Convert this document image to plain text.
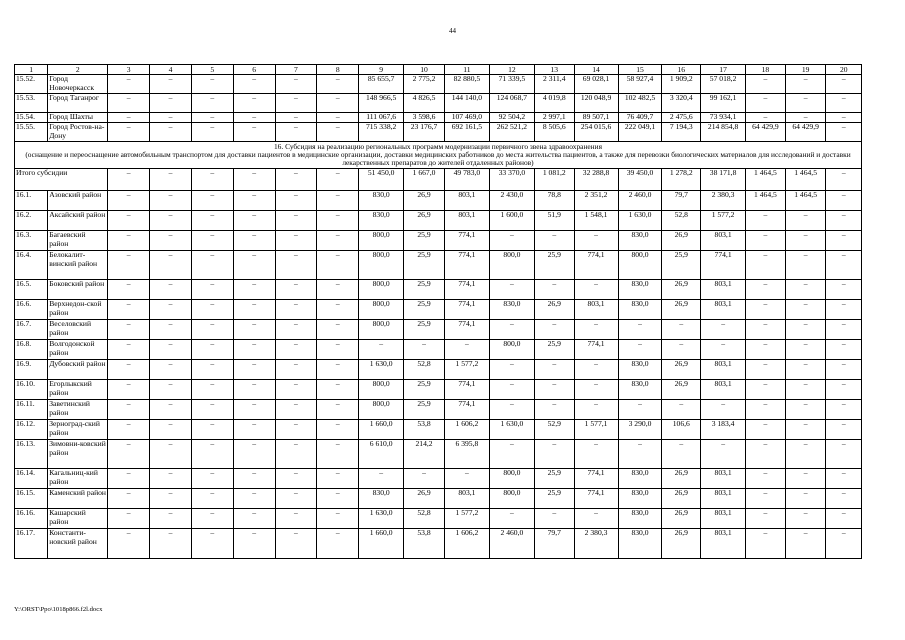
44
1	2	3	4	5	6	7	8	9	10	11	12	13	14	15	16	17	18	19	20
15.52.	Город Новочеркасск	–	–	–	–	–	–	85 655,7	2 775,2	82 880,5	71 339,5	2 311,4	69 028,1	58 927,4	1 909,2	57 018,2	–	–	–
15.53.	Город Таганрог	–	–	–	–	–	–	148 966,5	4 826,5	144 140,0	124 068,7	4 019,8	120 048,9	102 482,5	3 320,4	99 162,1	–	–	–
15.54.	Город Шахты	–	–	–	–	–	–	111 067,6	3 598,6	107 469,0	92 504,2	2 997,1	89 507,1	76 409,7	2 475,6	73 934,1	–	–	–
15.55.	Город Ростов-на-Дону	–	–	–	–	–	–	715 338,2	23 176,7	692 161,5	262 521,2	8 505,6	254 015,6	222 049,1	7 194,3	214 854,8	64 429,9	64 429,9	–

16. Субсидия на реализацию региональных программ модернизации первичного звена здравоохранения
(оснащение и переоснащение автомобильным транспортом для доставки пациентов в медицинские организации, доставки медицинских работников до места жительства пациентов, а также для перевозки биологических материалов для исследований и доставки лекарственных препаратов до жителей отдаленных районов)																			

Итого субсидии		–	–	–	–	–	–	51 450,0	1 667,0	49 783,0	33 370,0	1 081,2	32 288,8	39 450,0	1 278,2	38 171,8	1 464,5	1 464,5	–
16.1.	Азовский район	–	–	–	–	–	–	830,0	26,9	803,1	2 430,0	78,8	2 351,2	2 460,0	79,7	2 380,3	1 464,5	1 464,5	–
16.2.	Аксайский район	–	–	–	–	–	–	830,0	26,9	803,1	1 600,0	51,9	1 548,1	1 630,0	52,8	1 577,2	–	–	–
16.3.	Багаевский район	–	–	–	–	–	–	800,0	25,9	774,1	–	–	–	830,0	26,9	803,1	–	–	–
16.4.	Белокалит-винский район	–	–	–	–	–	–	800,0	25,9	774,1	800,0	25,9	774,1	800,0	25,9	774,1	–	–	–
16.5.	Боковский район	–	–	–	–	–	–	800,0	25,9	774,1	–	–	–	830,0	26,9	803,1	–	–	–
16.6.	Верхнедон-ской район	–	–	–	–	–	–	800,0	25,9	774,1	830,0	26,9	803,1	830,0	26,9	803,1	–	–	–
16.7.	Веселовский район	–	–	–	–	–	–	800,0	25,9	774,1	–	–	–	–	–	–	–	–	–
16.8.	Волгодонской район	–	–	–	–	–	–	–	–	–	800,0	25,9	774,1	–	–	–	–	–	–
16.9.	Дубовский район	–	–	–	–	–	–	1 630,0	52,8	1 577,2	–	–	–	830,0	26,9	803,1	–	–	–
16.10.	Егорлыкский район	–	–	–	–	–	–	800,0	25,9	774,1	–	–	–	830,0	26,9	803,1	–	–	–
16.11.	Заветинский район	–	–	–	–	–	–	800,0	25,9	774,1	–	–	–	–	–	–	–	–	–
16.12.	Зерноград-ский район	–	–	–	–	–	–	1 660,0	53,8	1 606,2	1 630,0	52,9	1 577,1	3 290,0	106,6	3 183,4	–	–	–
16.13.	Зимовни-ковский район	–	–	–	–	–	–	6 610,0	214,2	6 395,8	–	–	–	–	–	–	–	–	–
16.14.	Кагальниц-кий район	–	–	–	–	–	–	–	–	–	800,0	25,9	774,1	830,0	26,9	803,1	–	–	–
16.15.	Каменский район	–	–	–	–	–	–	830,0	26,9	803,1	800,0	25,9	774,1	830,0	26,9	803,1	–	–	–
16.16.	Кашарский район	–	–	–	–	–	–	1 630,0	52,8	1 577,2	–	–	–	830,0	26,9	803,1	–	–	–
16.17.	Константи-новский район	–	–	–	–	–	–	1 660,0	53,8	1 606,2	2 460,0	79,7	2 380,3	830,0	26,9	803,1	–	–	–
Y:\ORST\Ppo\1018p866.f2l.docx
